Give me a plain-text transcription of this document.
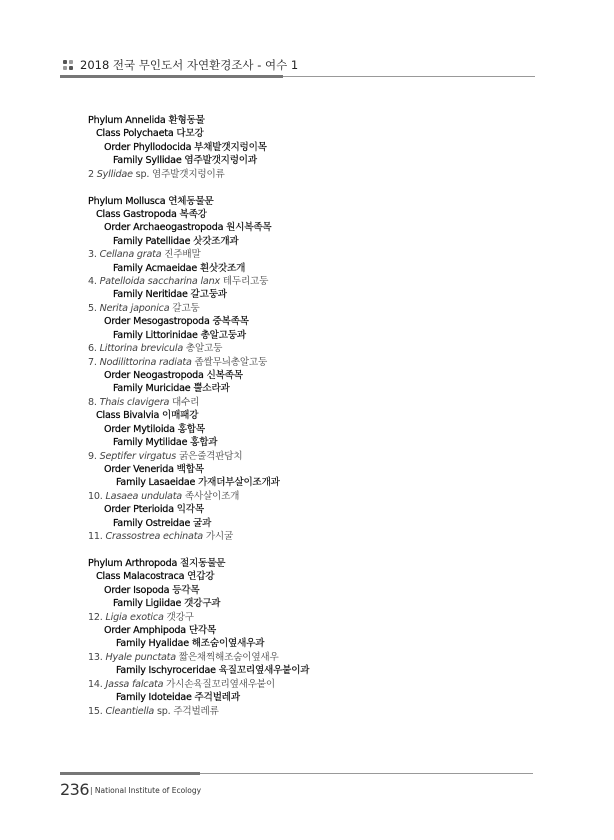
2018 전국 무인도서 자연환경조사 - 여수 1
Phylum Annelida 환형동물
Class Polychaeta 다모강
Order Phyllodocida 부채발갯지렁이목
Family Syllidae 염주발갯지렁이과
2 Syllidae sp. 염주발갯지렁이류
Phylum Mollusca 연체동물문
Class Gastropoda 복족강
Order Archaeogastropoda 원시복족목
Family Patellidae 삿갓조개과
3. Cellana grata 진주배말
Family Acmaeidae 흰삿갓조개
4. Patelloida saccharina lanx 테두리고둥
Family Neritidae 갈고둥과
5. Nerita japonica 갈고둥
Order Mesogastropoda 중복족목
Family Littorinidae 총알고둥과
6. Littorina brevicula 총알고둥
7. Nodilittorina radiata 좁쌀무늬총알고둥
Order Neogastropoda 신복족목
Family Muricidae 뿔소라과
8. Thais clavigera 대수리
Class Bivalvia 이매패강
Order Mytiloida 홍합목
Family Mytilidae 홍합과
9. Septifer virgatus 굵은줄격판담치
Order Venerida 백합목
Family Lasaeidae 가재더부살이조개과
10. Lasaea undulata 족사살이조개
Order Pterioida 익각목
Family Ostreidae 굴과
11. Crassostrea echinata 가시굴
Phylum Arthropoda 절지동물문
Class Malacostraca 연갑강
Order Isopoda 등각목
Family Ligiidae 갯강구과
12. Ligia exotica 갯강구
Order Amphipoda 단각목
Family Hyalidae 해조숨이옆새우과
13. Hyale punctata 짧은채찍해조숨이옆새우
Family Ischyroceridae 육질꼬리옆새우붙이과
14. Jassa falcata 가시손육질꼬리옆새우붙이
Family Idoteidae 주걱벌레과
15. Cleantiella sp. 주걱벌레류
236 | National Institute of Ecology
